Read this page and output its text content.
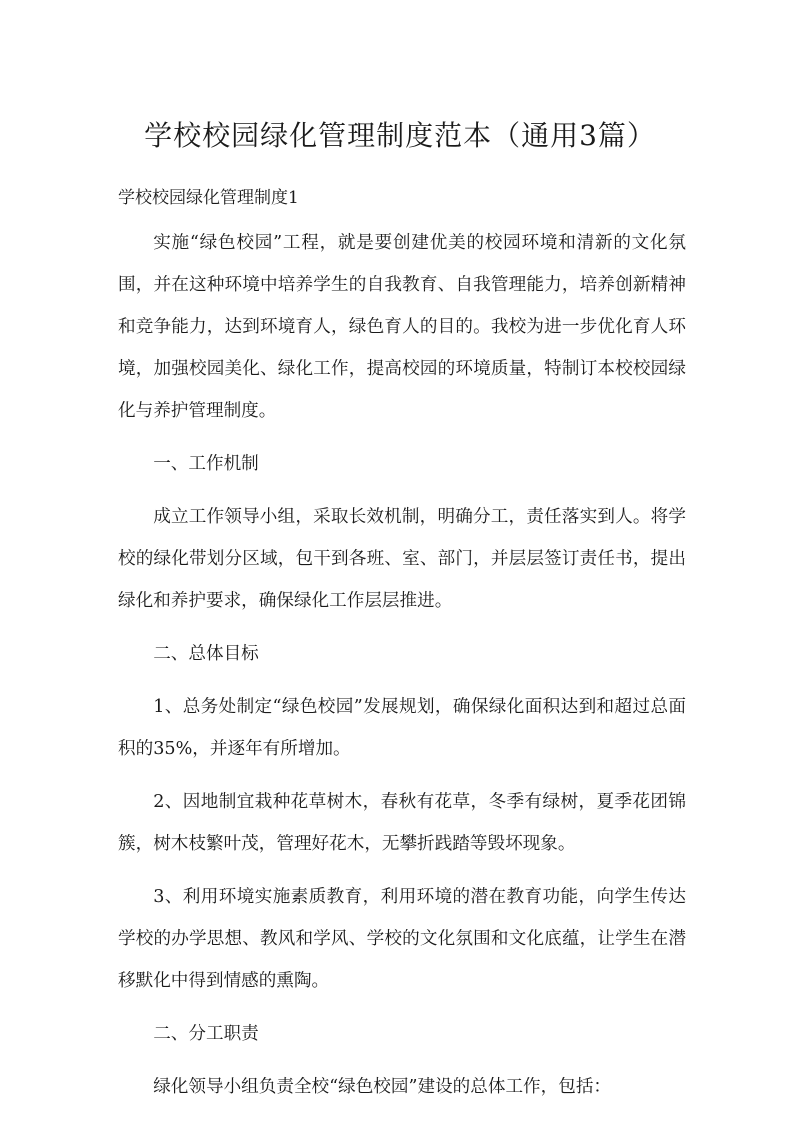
学校校园绿化管理制度范本（通用3篇）

学校校园绿化管理制度1

实施“绿色校园”工程，就是要创建优美的校园环境和清新的文化氛围，并在这种环境中培养学生的自我教育、自我管理能力，培养创新精神和竞争能力，达到环境育人，绿色育人的目的。我校为进一步优化育人环境，加强校园美化、绿化工作，提高校园的环境质量，特制订本校校园绿化与养护管理制度。

一、工作机制

成立工作领导小组，采取长效机制，明确分工，责任落实到人。将学校的绿化带划分区域，包干到各班、室、部门，并层层签订责任书，提出绿化和养护要求，确保绿化工作层层推进。

二、总体目标

1、总务处制定“绿色校园”发展规划，确保绿化面积达到和超过总面积的35%，并逐年有所增加。

2、因地制宜栽种花草树木，春秋有花草，冬季有绿树，夏季花团锦簇，树木枝繁叶茂，管理好花木，无攀折践踏等毁坏现象。

3、利用环境实施素质教育，利用环境的潜在教育功能，向学生传达学校的办学思想、教风和学风、学校的文化氛围和文化底蕴，让学生在潜移默化中得到情感的熏陶。

二、分工职责

绿化领导小组负责全校“绿色校园”建设的总体工作，包括：
